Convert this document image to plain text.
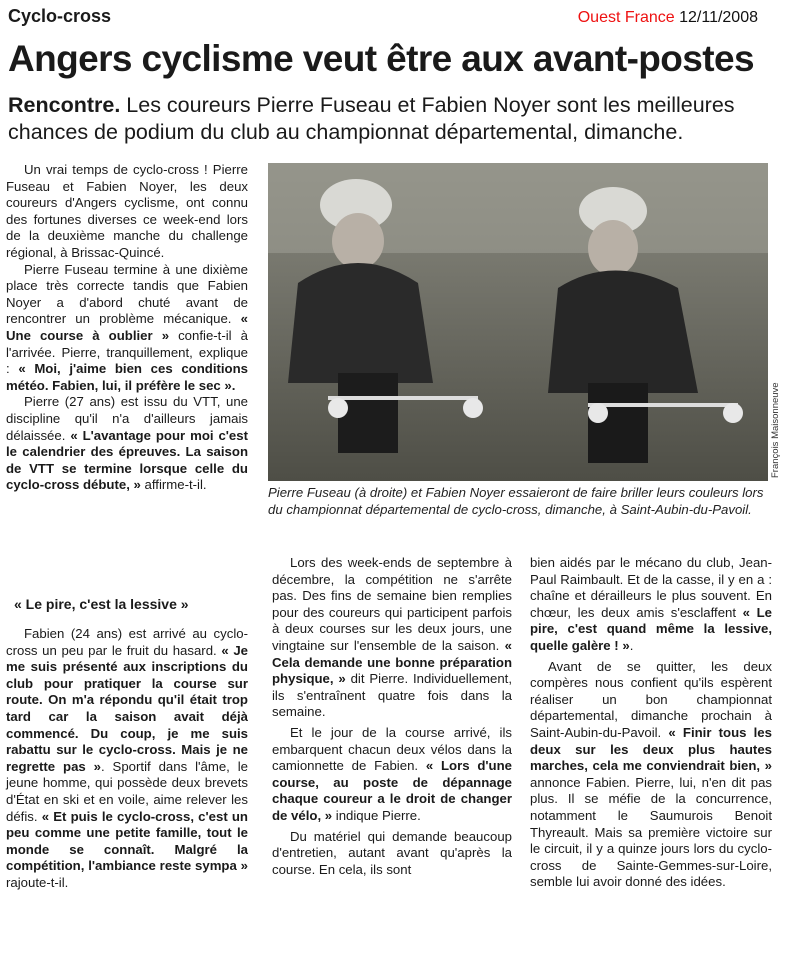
Cyclo-cross	Ouest France 12/11/2008
Angers cyclisme veut être aux avant-postes
Rencontre. Les coureurs Pierre Fuseau et Fabien Noyer sont les meilleures chances de podium du club au championnat départemental, dimanche.

Un vrai temps de cyclo-cross ! Pierre Fuseau et Fabien Noyer, les deux coureurs d'Angers cyclisme, ont connu des fortunes diverses ce week-end lors de la deuxième manche du challenge régional, à Brissac-Quincé.

Pierre Fuseau termine à une dixième place très correcte tandis que Fabien Noyer a d'abord chuté avant de rencontrer un problème mécanique. « Une course à oublier » confie-t-il à l'arrivée. Pierre, tranquillement, explique : « Moi, j'aime bien ces conditions météo. Fabien, lui, il préfère le sec ».

Pierre (27 ans) est issu du VTT, une discipline qu'il n'a d'ailleurs jamais délaissée. « L'avantage pour moi c'est le calendrier des épreuves. La saison de VTT se termine lorsque celle du cyclo-cross débute, » affirme-t-il.

« Le pire, c'est la lessive »

Fabien (24 ans) est arrivé au cyclo-cross un peu par le fruit du hasard. « Je me suis présenté aux inscriptions du club pour pratiquer la course sur route. On m'a répondu qu'il était trop tard car la saison avait déjà commencé. Du coup, je me suis rabattu sur le cyclo-cross. Mais je ne regrette pas ». Sportif dans l'âme, le jeune homme, qui possède deux brevets d'État en ski et en voile, aime relever les défis. « Et puis le cyclo-cross, c'est un peu comme une petite famille, tout le monde se connaît. Malgré la compétition, l'ambiance reste sympa » rajoute-t-il.

François Maisonneuve
Pierre Fuseau (à droite) et Fabien Noyer essaieront de faire briller leurs couleurs lors du championnat départemental de cyclo-cross, dimanche, à Saint-Aubin-du-Pavoil.

Lors des week-ends de septembre à décembre, la compétition ne s'arrête pas. Des fins de semaine bien remplies pour des coureurs qui participent parfois à deux courses sur les deux jours, une vingtaine sur l'ensemble de la saison. « Cela demande une bonne préparation physique, » dit Pierre. Individuellement, ils s'entraînent quatre fois dans la semaine.

Et le jour de la course arrivé, ils embarquent chacun deux vélos dans la camionnette de Fabien. « Lors d'une course, au poste de dépannage chaque coureur a le droit de changer de vélo, » indique Pierre.

Du matériel qui demande beaucoup d'entretien, autant avant qu'après la course. En cela, ils sont

bien aidés par le mécano du club, Jean-Paul Raimbault. Et de la casse, il y en a : chaîne et dérailleurs le plus souvent. En chœur, les deux amis s'esclaffent « Le pire, c'est quand même la lessive, quelle galère ! ».

Avant de se quitter, les deux compères nous confient qu'ils espèrent réaliser un bon championnat départemental, dimanche prochain à Saint-Aubin-du-Pavoil. « Finir tous les deux sur les deux plus hautes marches, cela me conviendrait bien, » annonce Fabien. Pierre, lui, n'en dit pas plus. Il se méfie de la concurrence, notamment le Saumurois Benoit Thyreault. Mais sa première victoire sur le circuit, il y a quinze jours lors du cyclo-cross de Sainte-Gemmes-sur-Loire, semble lui avoir donné des idées.
